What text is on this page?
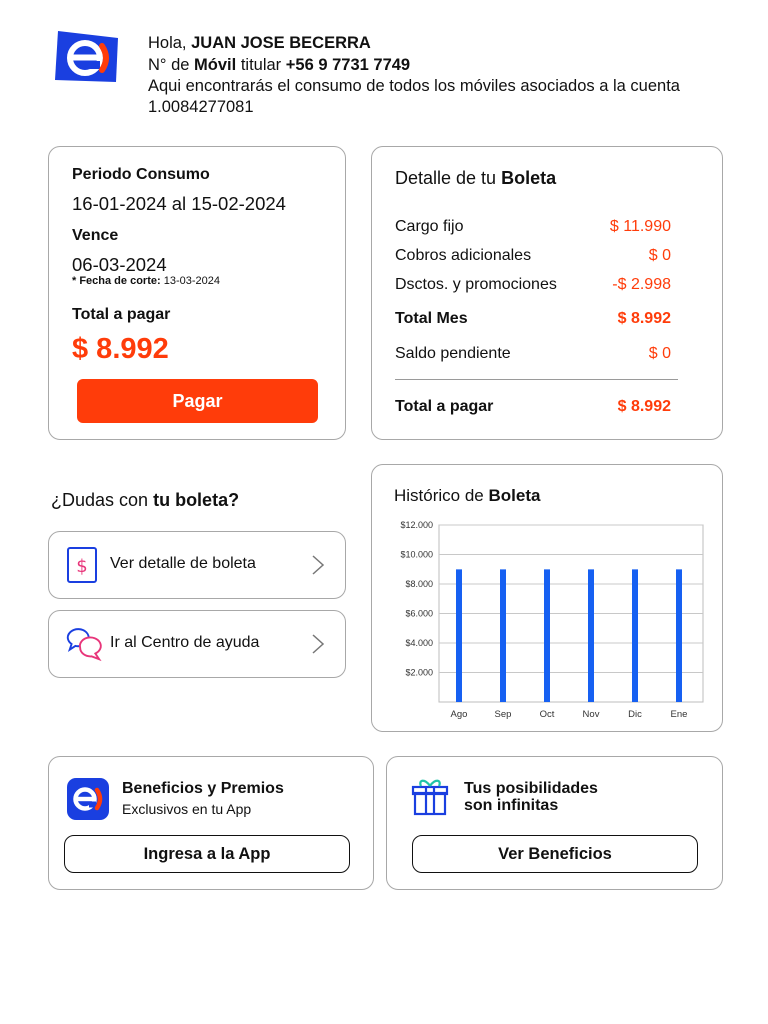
Hola, JUAN JOSE BECERRA
N° de Móvil titular +56 9 7731 7749
Aqui encontrarás el consumo de todos los móviles asociados a la cuenta 1.0084277081
Periodo Consumo
16-01-2024 al 15-02-2024
Vence
06-03-2024
* Fecha de corte: 13-03-2024
Total a pagar
$ 8.992
Pagar
Detalle de tu Boleta
Cargo fijo	$ 11.990
Cobros adicionales	$ 0
Dsctos. y promociones	-$ 2.998
Total Mes	$ 8.992
Saldo pendiente	$ 0
Total a pagar	$ 8.992
¿Dudas con tu boleta?
$ Ver detalle de boleta
Ir al Centro de ayuda
Histórico de Boleta
$2.000
$4.000
$6.000
$8.000
$10.000
$12.000
Ago	Sep	Oct	Nov	Dic	Ene
Beneficios y Premios
Exclusivos en tu App
Ingresa a la App
Tus posibilidades
son infinitas
Ver Beneficios
